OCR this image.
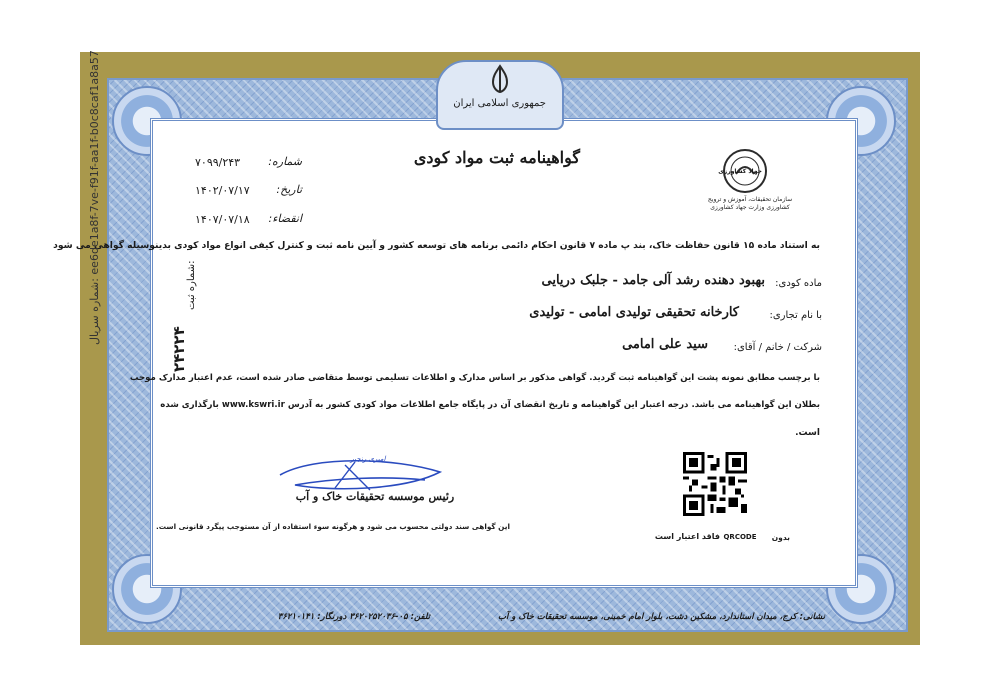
جمهوری اسلامی ایران
گواهینامه ثبت مواد کودی
جهاد کشاورزی
سازمان تحقیقات، آموزش و ترویج
کشاورزی وزارت جهاد کشاورزی
شماره:
۷۰۹۹/۲۴۳
تاریخ:
۱۴۰۲/۰۷/۱۷
انقضاء:
۱۴۰۷/۰۷/۱۸
شماره ثبت:
۲۴۲۲۴
به استناد ماده ۱۵ قانون حفاظت خاک، بند پ ماده ۷ قانون احکام دائمی برنامه های توسعه کشور و آیین نامه ثبت و کنترل کیفی انواع مواد کودی بدینوسیله گواهی می شود
ماده کودی:
بهبود دهنده رشد آلی جامد - جلبک دریایی
با نام تجاری:
کارخانه تحقیقی تولیدی امامی - تولیدی
شرکت / خانم / آقای:
سید علی امامی
با برچسب مطابق نمونه پشت این گواهینامه ثبت گردید. گواهی مذکور بر اساس مدارک و اطلاعات تسلیمی توسط متقاضی صادر شده است، عدم اعتبار مدارک موجب
بطلان این گواهینامه می باشد. درجه اعتبار این گواهینامه و تاریخ انقضای آن در پایگاه جامع اطلاعات مواد کودی کشور به آدرس www.kswri.ir بارگذاری شده
است.
امیری رنجبر
رئیس موسسه تحقیقات خاک و آب
این گواهی سند دولتی محسوب می شود و هرگونه سوء استفاده از آن مستوجب پیگرد قانونی است.
بدون
QRCODE
فاقد اعتبار است
نشانی: کرج، میدان استاندارد، مشکین دشت، بلوار امام خمینی، موسسه تحقیقات خاک و آب
تلفن: ۰۵-۳۶۲۰۲۵۲۰۳۶ دورنگار: ۳۶۲۱۰۱۴۱
شماره سریال: ee6de1a8f-7ve-f91f-aa1f-b0c8caf1a8a57
